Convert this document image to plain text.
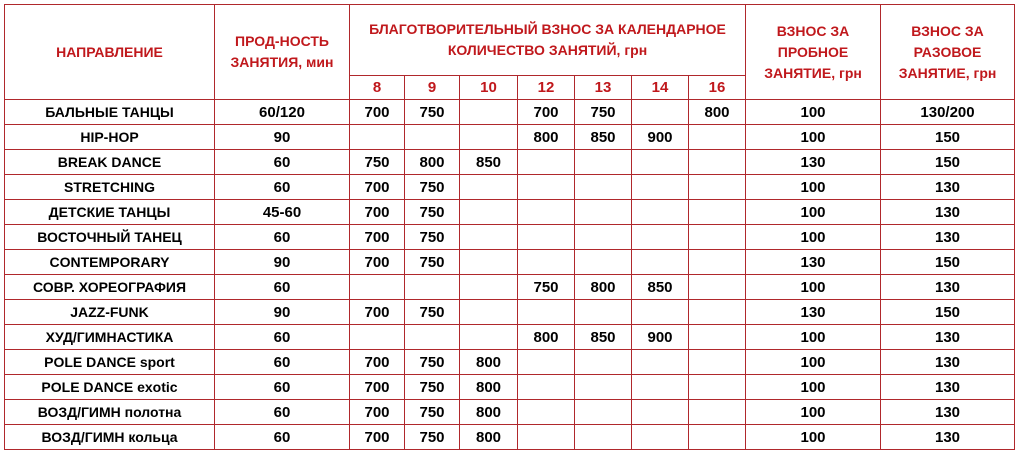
НАПРАВЛЕНИЕ	ПРОД-НОСТЬ ЗАНЯТИЯ, мин	БЛАГОТВОРИТЕЛЬНЫЙ ВЗНОС ЗА КАЛЕНДАРНОЕ КОЛИЧЕСТВО ЗАНЯТИЙ, грн							ВЗНОС ЗА ПРОБНОЕ ЗАНЯТИЕ, грн	ВЗНОС ЗА РАЗОВОЕ ЗАНЯТИЕ, грн
		8	9	10	12	13	14	16		
БАЛЬНЫЕ ТАНЦЫ	60/120	700	750		700	750		800	100	130/200
HIP-HOP	90				800	850	900		100	150
BREAK DANCE	60	750	800	850					130	150
STRETCHING	60	700	750						100	130
ДЕТСКИЕ ТАНЦЫ	45-60	700	750						100	130
ВОСТОЧНЫЙ ТАНЕЦ	60	700	750						100	130
CONTEMPORARY	90	700	750						130	150
СОВР. ХОРЕОГРАФИЯ	60				750	800	850		100	130
JAZZ-FUNK	90	700	750						130	150
ХУД/ГИМНАСТИКА	60				800	850	900		100	130
POLE DANCE sport	60	700	750	800					100	130
POLE DANCE exotic	60	700	750	800					100	130
ВОЗД/ГИМН полотна	60	700	750	800					100	130
ВОЗД/ГИМН кольца	60	700	750	800					100	130
